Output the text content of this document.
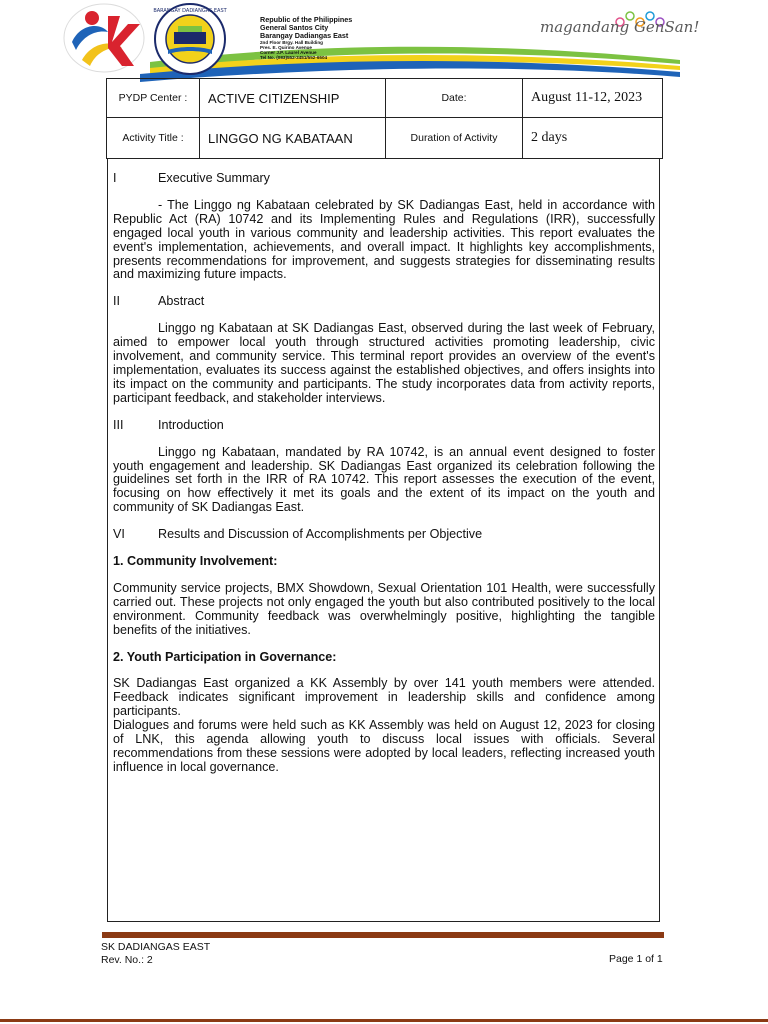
BARANGAY DADIANGAS EAST
Republic of the Philippines
General Santos City
Barangay Dadiangas East
2nd Floor Brgy. Hall Building
Pres. E. Quirino Avenue
Corner J.P. Laurel Avenue
Tel No. (083)552-3451/552-6504
magandang GenSan!
PYDP Center :	ACTIVE CITIZENSHIP	Date:	August 11-12, 2023
Activity Title :	LINGGO NG KABATAAN	Duration of Activity	2 days
I	Executive Summary

- The Linggo ng Kabataan celebrated by SK Dadiangas East, held in accordance with Republic Act (RA) 10742 and its Implementing Rules and Regulations (IRR), successfully engaged local youth in various community and leadership activities. This report evaluates the event's implementation, achievements, and overall impact. It highlights key accomplishments, presents recommendations for improvement, and suggests strategies for disseminating results and maximizing future impacts.

II	Abstract

Linggo ng Kabataan at SK Dadiangas East, observed during the last week of February, aimed to empower local youth through structured activities promoting leadership, civic involvement, and community service. This terminal report provides an overview of the event's implementation, evaluates its success against the established objectives, and offers insights into its impact on the community and participants. The study incorporates data from activity reports, participant feedback, and stakeholder interviews.

III	Introduction

Linggo ng Kabataan, mandated by RA 10742, is an annual event designed to foster youth engagement and leadership. SK Dadiangas East organized its celebration following the guidelines set forth in the IRR of RA 10742. This report assesses the execution of the event, focusing on how effectively it met its goals and the extent of its impact on the youth and community of SK Dadiangas East.

VI	Results and Discussion of Accomplishments per Objective
1. Community Involvement:

Community service projects, BMX Showdown, Sexual Orientation 101 Health, were successfully carried out. These projects not only engaged the youth but also contributed positively to the local environment. Community feedback was overwhelmingly positive, highlighting the tangible benefits of the initiatives.

2. Youth Participation in Governance:

SK Dadiangas East organized a KK Assembly by over 141 youth members were attended. Feedback indicates significant improvement in leadership skills and confidence among participants.

Dialogues and forums were held such as KK Assembly was held on August 12, 2023 for closing of LNK, this agenda allowing youth to discuss local issues with officials. Several recommendations from these sessions were adopted by local leaders, reflecting increased youth influence in local governance.

SK DADIANGAS EAST
Rev. No.: 2	Page 1 of 1
